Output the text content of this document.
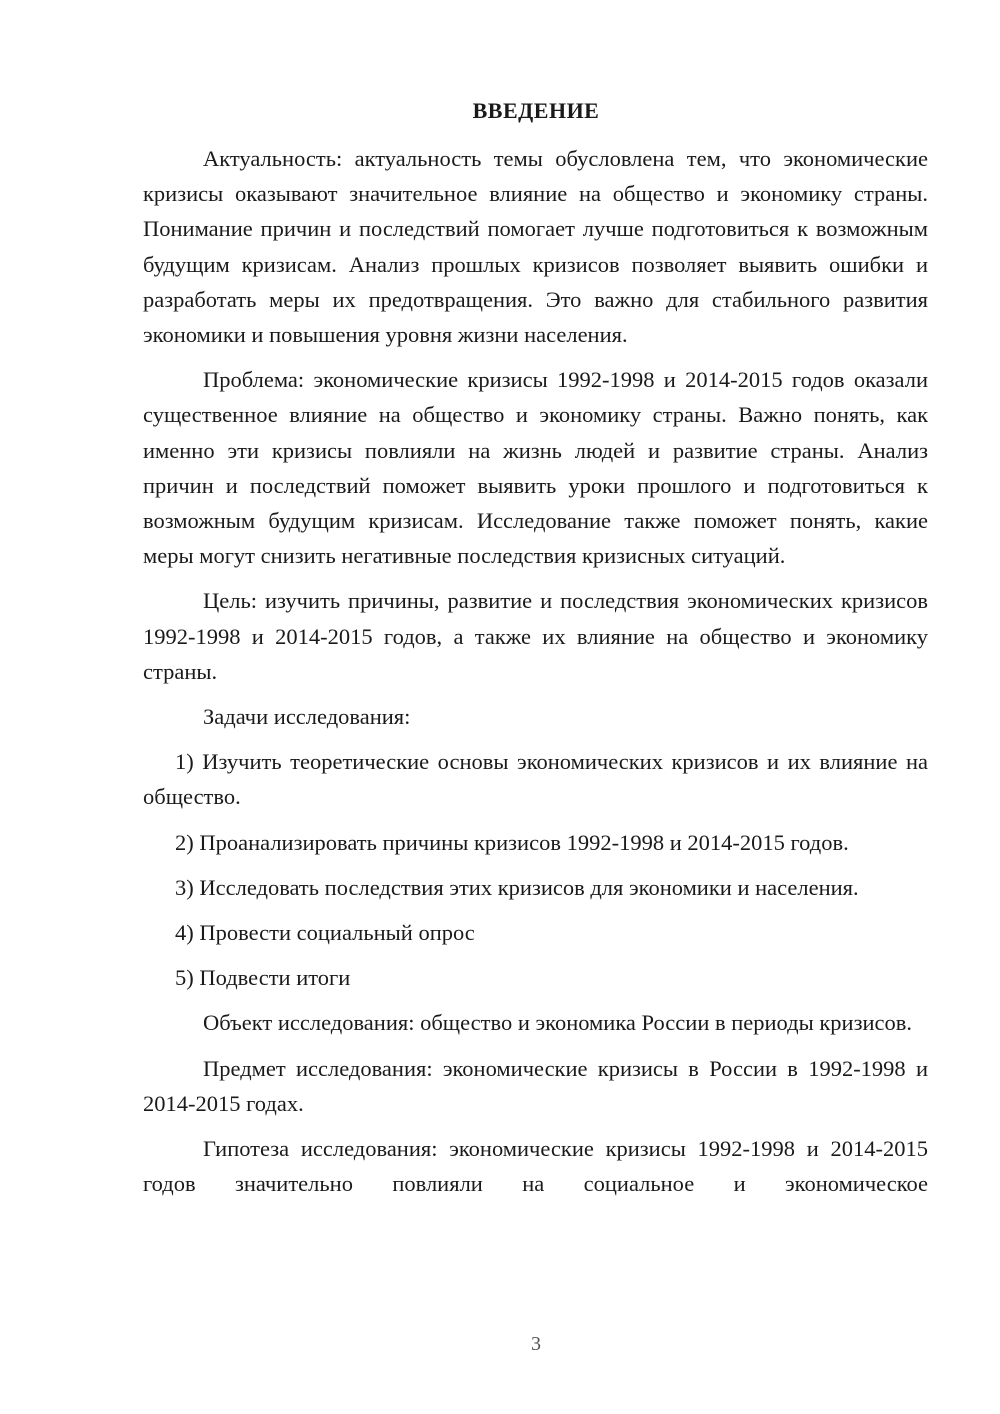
ВВЕДЕНИЕ

Актуальность: актуальность темы обусловлена тем, что экономические кризисы оказывают значительное влияние на общество и экономику страны. Понимание причин и последствий помогает лучше подготовиться к возможным будущим кризисам. Анализ прошлых кризисов позволяет выявить ошибки и разработать меры их предотвращения. Это важно для стабильного развития экономики и повышения уровня жизни населения.

Проблема: экономические кризисы 1992-1998 и 2014-2015 годов оказали существенное влияние на общество и экономику страны. Важно понять, как именно эти кризисы повлияли на жизнь людей и развитие страны. Анализ причин и последствий поможет выявить уроки прошлого и подготовиться к возможным будущим кризисам. Исследование также поможет понять, какие меры могут снизить негативные последствия кризисных ситуаций.

Цель: изучить причины, развитие и последствия экономических кризисов 1992-1998 и 2014-2015 годов, а также их влияние на общество и экономику страны.

Задачи исследования:

1) Изучить теоретические основы экономических кризисов и их влияние на общество.

2) Проанализировать причины кризисов 1992-1998 и 2014-2015 годов.

3) Исследовать последствия этих кризисов для экономики и населения.

4) Провести социальный опрос

5) Подвести итоги

Объект исследования: общество и экономика России в периоды кризисов.

Предмет исследования: экономические кризисы в России в 1992-1998 и 2014-2015 годах.

Гипотеза исследования: экономические кризисы 1992-1998 и 2014-2015 годов значительно повлияли на социальное и экономическое

3
